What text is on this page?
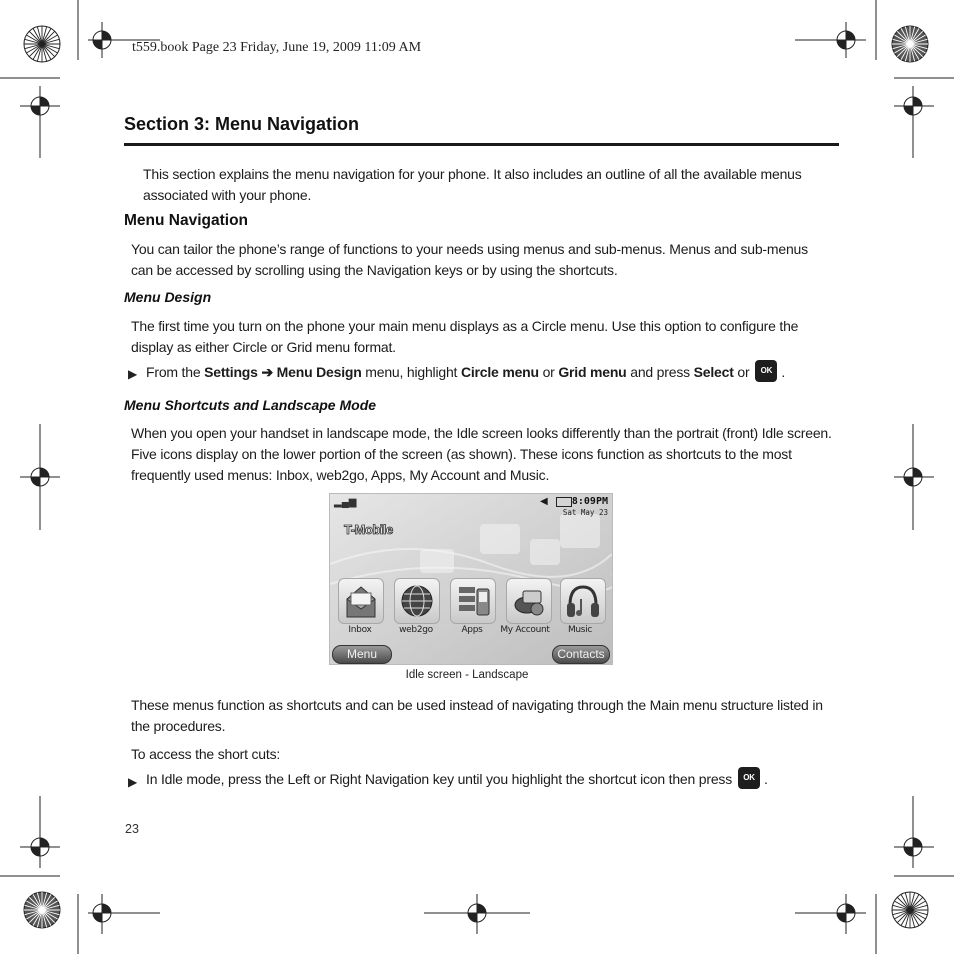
t559.book Page 23 Friday, June 19, 2009 11:09 AM
Section 3: Menu Navigation
This section explains the menu navigation for your phone. It also includes an outline of all the available menus associated with your phone.
Menu Navigation
You can tailor the phone’s range of functions to your needs using menus and sub-menus. Menus and sub-menus can be accessed by scrolling using the Navigation keys or by using the shortcuts.
Menu Design
The first time you turn on the phone your main menu displays as a Circle menu. Use this option to configure the display as either Circle or Grid menu format.
▶ From the Settings ➔ Menu Design menu, highlight Circle menu or Grid menu and press Select or OK .
Menu Shortcuts and Landscape Mode
When you open your handset in landscape mode, the Idle screen looks differently than the portrait (front) Idle screen. Five icons display on the lower portion of the screen (as shown). These icons function as shortcuts to the most frequently used menus: Inbox, web2go, Apps, My Account and Music.
▂▄▆	◀ 8:09PM
Sat May 23
T-Mobile
Inbox	web2go	Apps	My Account	Music
Menu	Contacts
Idle screen - Landscape
These menus function as shortcuts and can be used instead of navigating through the Main menu structure listed in the procedures.
To access the short cuts:
▶ In Idle mode, press the Left or Right Navigation key until you highlight the shortcut icon then press OK .
23
